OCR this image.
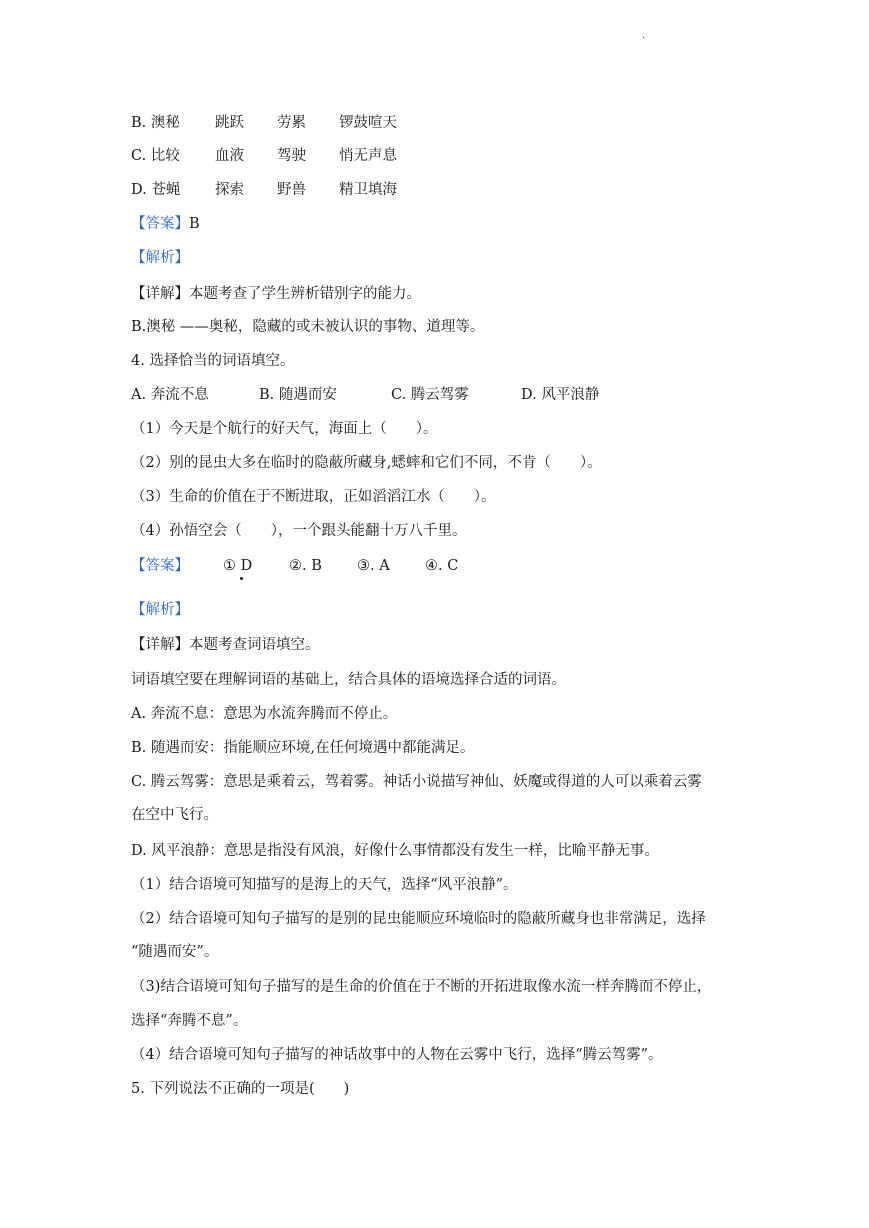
.
B. 澳秘	跳跃	劳累	锣鼓喧天
C. 比较	血液	驾驶	悄无声息
D. 苍蝇	探索	野兽	精卫填海
【答案】B
【解析】
【详解】本题考查了学生辨析错别字的能力。
B.澳秘 ——奥秘，隐藏的或未被认识的事物、道理等。
4. 选择恰当的词语填空。
A. 奔流不息	B. 随遇而安	C. 腾云驾雾	D. 风平浪静
（1）今天是个航行的好天气，海面上（　　）。
（2）别的昆虫大多在临时的隐蔽所藏身,蟋蟀和它们不同，不肯（　　）。
（3）生命的价值在于不断进取，正如滔滔江水（　　）。
（4）孙悟空会（　　），一个跟头能翻十万八千里。
【答案】 ① D	②. B ③. A ④. C
【解析】
【详解】本题考查词语填空。
词语填空要在理解词语的基础上，结合具体的语境选择合适的词语。
A. 奔流不息：意思为水流奔腾而不停止。
B. 随遇而安：指能顺应环境,在任何境遇中都能满足。
C. 腾云驾雾：意思是乘着云，驾着雾。神话小说描写神仙、妖魔或得道的人可以乘着云雾
在空中飞行。
D. 风平浪静：意思是指没有风浪，好像什么事情都没有发生一样，比喻平静无事。
（1）结合语境可知描写的是海上的天气，选择“风平浪静”。
（2）结合语境可知句子描写的是别的昆虫能顺应环境临时的隐蔽所藏身也非常满足，选择
“随遇而安”。
（3)结合语境可知句子描写的是生命的价值在于不断的开拓进取像水流一样奔腾而不停止，
选择“奔腾不息”。
（4）结合语境可知句子描写的神话故事中的人物在云雾中飞行，选择“腾云驾雾”。
5. 下列说法不正确的一项是(　　)
